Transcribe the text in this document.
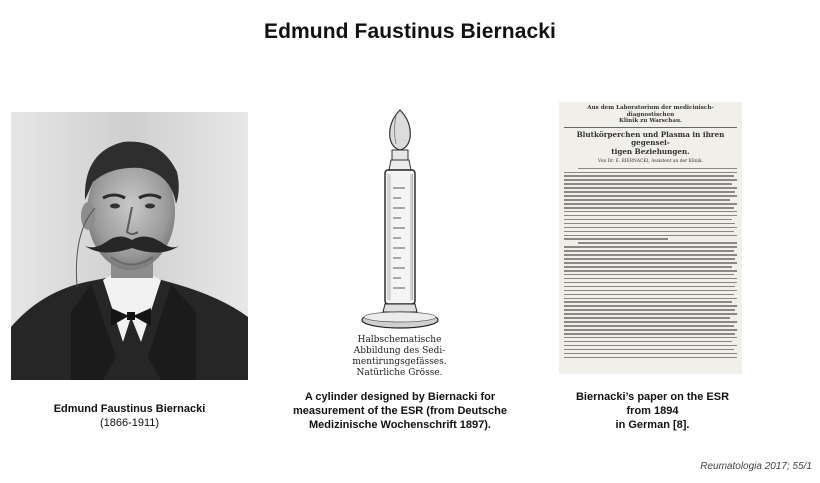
Edmund Faustinus Biernacki
Edmund Faustinus Biernacki
(1866-1911)
Halbschematische
Abbildung des Sedi-
mentirungsgefässes.
Natürliche Grösse.
A cylinder designed by Biernacki for
measurement of the ESR (from Deutsche
Medizinische Wochenschrift 1897).
Aus dem Laboratorium der medicinisch-diagnostischen
Klinik zu Warschau.
Blutkörperchen und Plasma in ihren gegensei-
tigen Beziehungen.
Von Dr. E. BIERNACKI, Assistent an der Klinik.
Biernacki’s paper on the ESR
from 1894
in German [8].
Reumatologia 2017; 55/1
